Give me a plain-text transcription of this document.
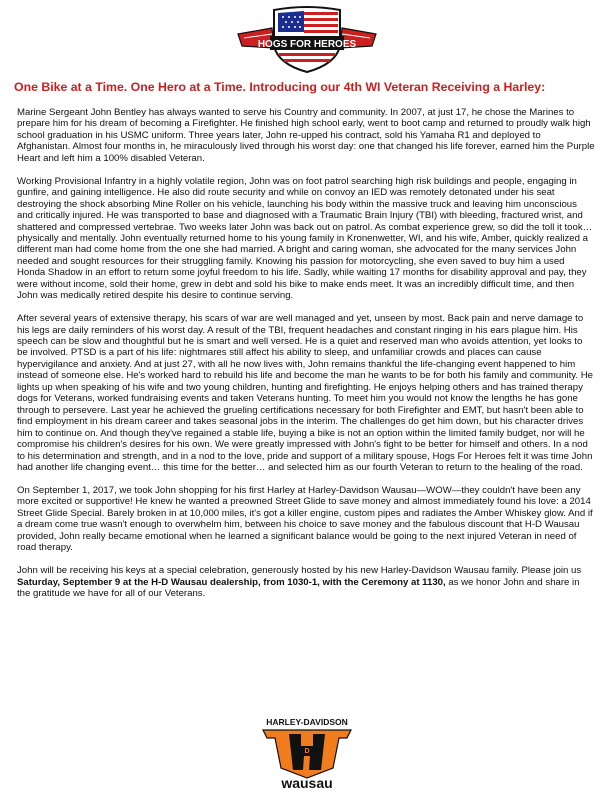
HOGS FOR HEROES
One Bike at a Time. One Hero at a Time. Introducing our 4th WI Veteran Receiving a Harley:

Marine Sergeant John Bentley has always wanted to serve his Country and community. In 2007, at just 17, he chose the Marines to prepare him for his dream of becoming a Firefighter. He finished high school early, went to boot camp and returned to proudly walk high school graduation in his USMC uniform. Three years later, John re-upped his contract, sold his Yamaha R1 and deployed to Afghanistan. Almost four months in, he miraculously lived through his worst day: one that changed his life forever, earned him the Purple Heart and left him a 100% disabled Veteran.

Working Provisional Infantry in a highly volatile region, John was on foot patrol searching high risk buildings and people, engaging in gunfire, and gaining intelligence. He also did route security and while on convoy an IED was remotely detonated under his seat destroying the shock absorbing Mine Roller on his vehicle, launching his body within the massive truck and leaving him unconscious and critically injured. He was transported to base and diagnosed with a Traumatic Brain Injury (TBI) with bleeding, fractured wrist, and shattered and compressed vertebrae. Two weeks later John was back out on patrol. As combat experience grew, so did the toll it took…physically and mentally. John eventually returned home to his young family in Kronenwetter, WI, and his wife, Amber, quickly realized a different man had come home from the one she had married. A bright and caring woman, she advocated for the many services John needed and sought resources for their struggling family. Knowing his passion for motorcycling, she even saved to buy him a used Honda Shadow in an effort to return some joyful freedom to his life. Sadly, while waiting 17 months for disability approval and pay, they were without income, sold their home, grew in debt and sold his bike to make ends meet. It was an incredibly difficult time, and then John was medically retired despite his desire to continue serving.

After several years of extensive therapy, his scars of war are well managed and yet, unseen by most. Back pain and nerve damage to his legs are daily reminders of his worst day. A result of the TBI, frequent headaches and constant ringing in his ears plague him. His speech can be slow and thoughtful but he is smart and well versed. He is a quiet and reserved man who avoids attention, yet looks to be involved. PTSD is a part of his life: nightmares still affect his ability to sleep, and unfamiliar crowds and places can cause hypervigilance and anxiety. And at just 27, with all he now lives with, John remains thankful the life-changing event happened to him instead of someone else. He's worked hard to rebuild his life and become the man he wants to be for both his family and community. He lights up when speaking of his wife and two young children, hunting and firefighting. He enjoys helping others and has trained therapy dogs for Veterans, worked fundraising events and taken Veterans hunting. To meet him you would not know the lengths he has gone through to persevere. Last year he achieved the grueling certifications necessary for both Firefighter and EMT, but hasn't been able to find employment in his dream career and takes seasonal jobs in the interim. The challenges do get him down, but his character drives him to continue on. And though they've regained a stable life, buying a bike is not an option within the limited family budget, nor will he compromise his children's desires for his own. We were greatly impressed with John's fight to be better for himself and others. In a nod to his determination and strength, and in a nod to the love, pride and support of a military spouse, Hogs For Heroes felt it was time John had another life changing event… this time for the better… and selected him as our fourth Veteran to return to the healing of the road.

On September 1, 2017, we took John shopping for his first Harley at Harley-Davidson Wausau—WOW—they couldn't have been any more excited or supportive! He knew he wanted a preowned Street Glide to save money and almost immediately found his love: a 2014 Street Glide Special. Barely broken in at 10,000 miles, it's got a killer engine, custom pipes and radiates the Amber Whiskey glow. And if a dream come true wasn't enough to overwhelm him, between his choice to save money and the fabulous discount that H-D Wausau provided, John really became emotional when he learned a significant balance would be going to the next injured Veteran in need of road therapy.

John will be receiving his keys at a special celebration, generously hosted by his new Harley-Davidson Wausau family. Please join us Saturday, September 9 at the H-D Wausau dealership, from 1030-1, with the Ceremony at 1130, as we honor John and share in the gratitude we have for all of our Veterans.

HARLEY-DAVIDSON
D
wausau
